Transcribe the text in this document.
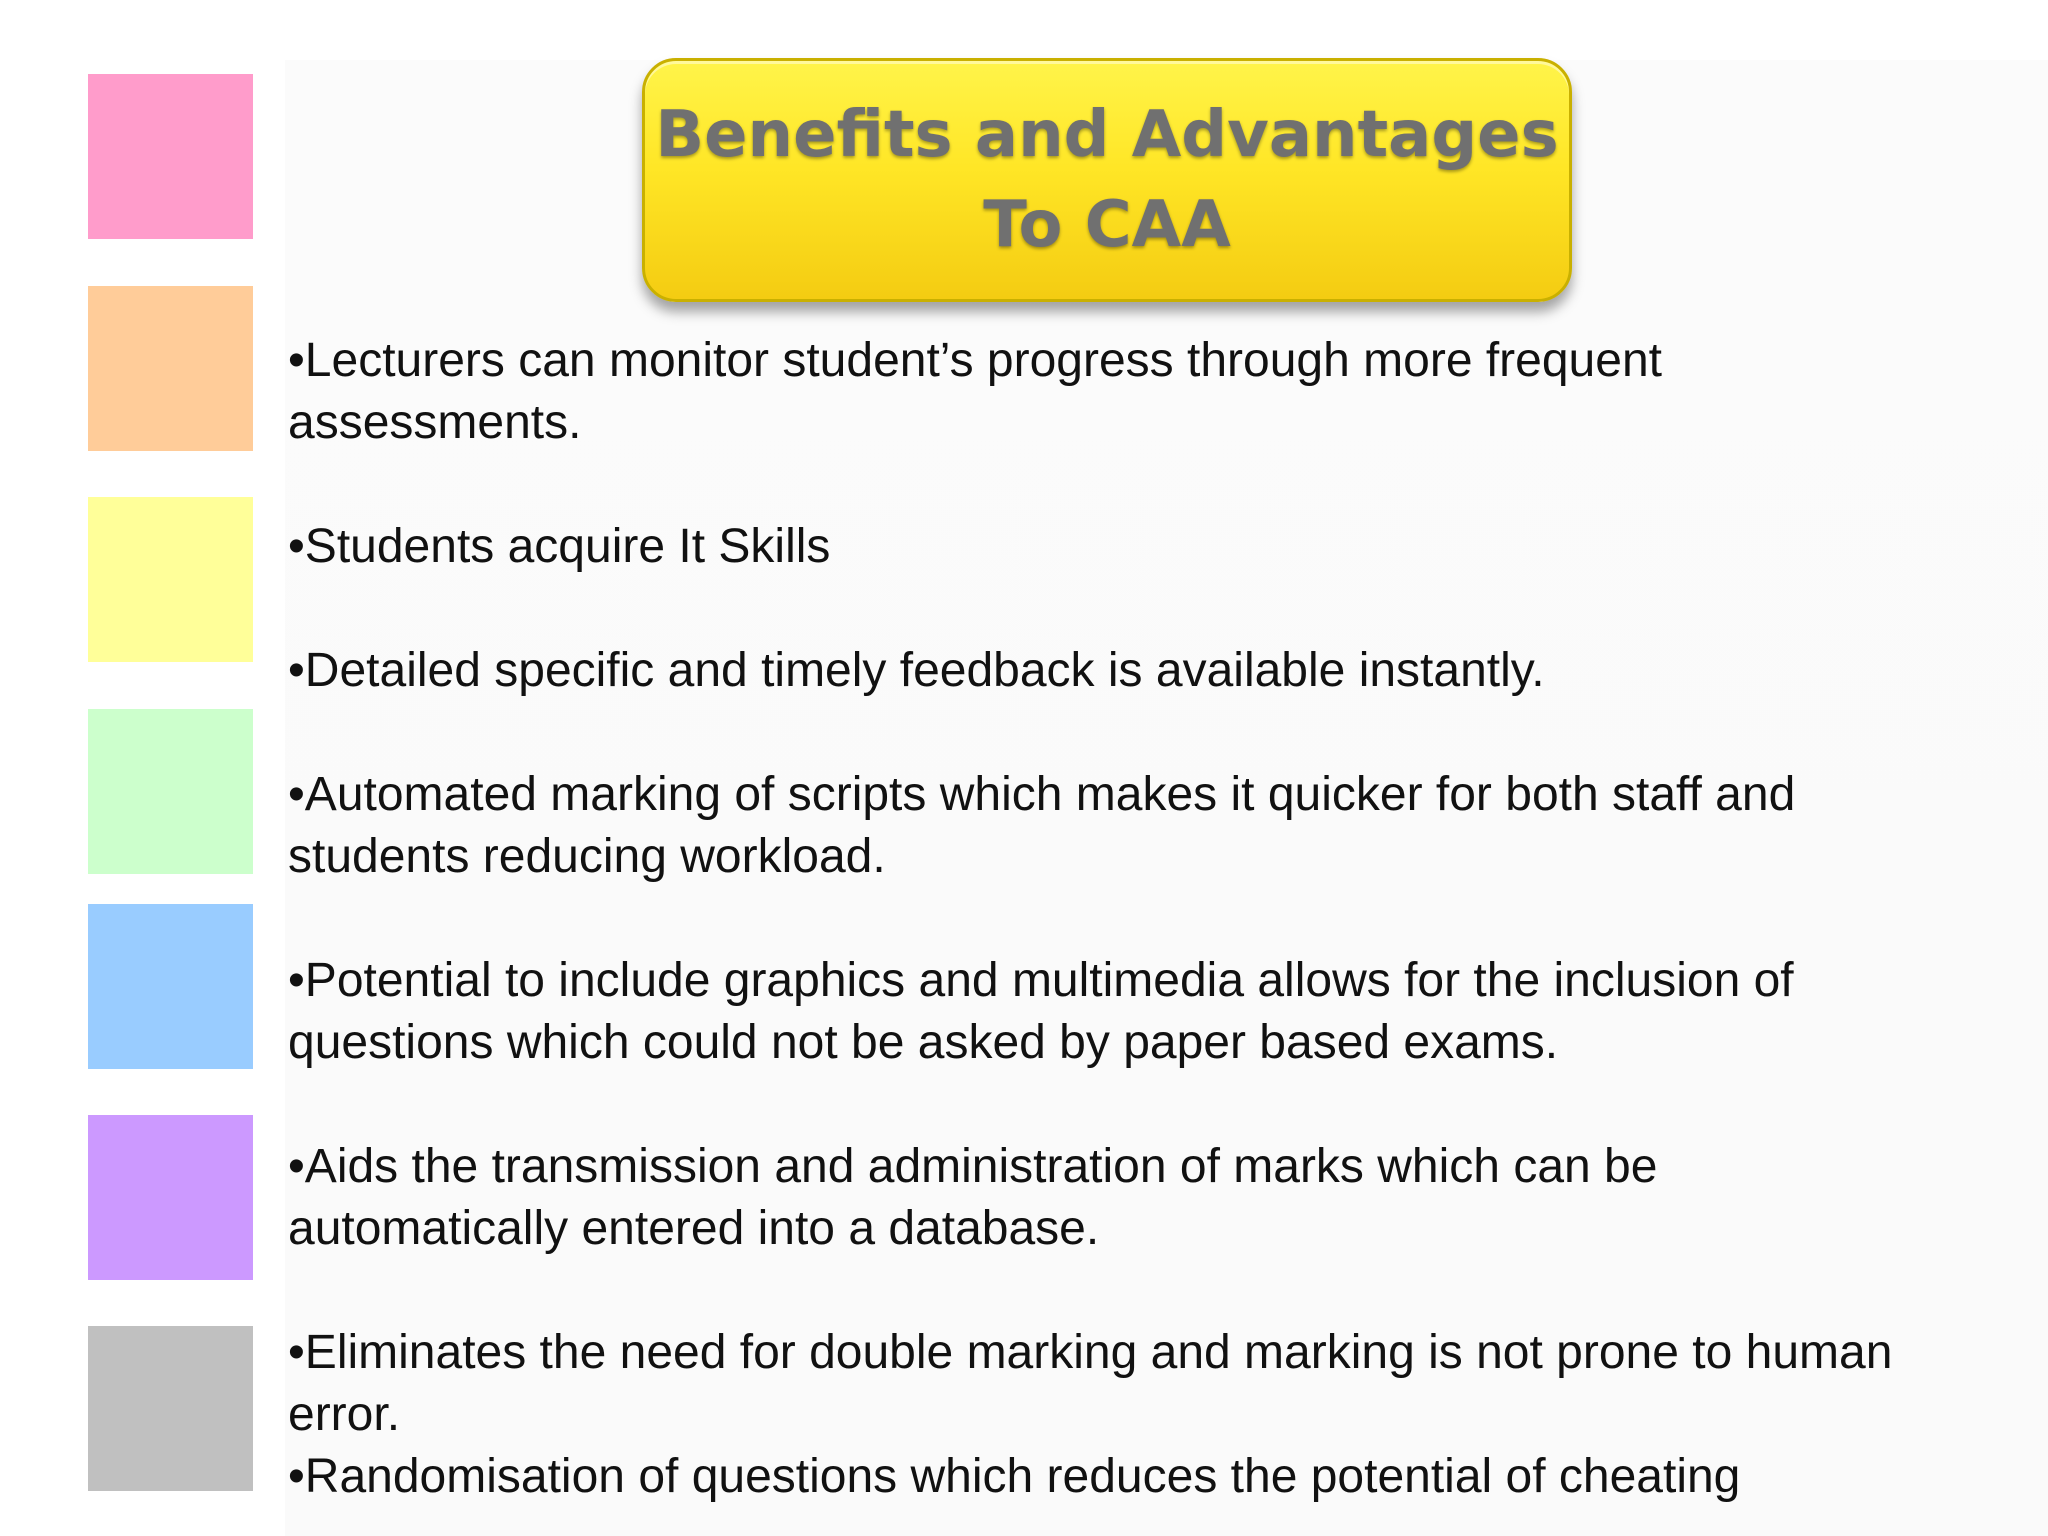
Benefits and Advantages
To CAA
•Lecturers can monitor student’s progress through more frequent
assessments.
•Students acquire It Skills
•Detailed specific and timely feedback is available instantly.
•Automated marking of scripts which makes it quicker for both staff and
students reducing workload.
•Potential to include graphics and multimedia allows for the inclusion of
questions which could not be asked by paper based exams.
•Aids the transmission and administration of marks which can be
automatically entered into a database.
•Eliminates the need for double marking and marking is not prone to human
error.
•Randomisation of questions which reduces the potential of cheating
